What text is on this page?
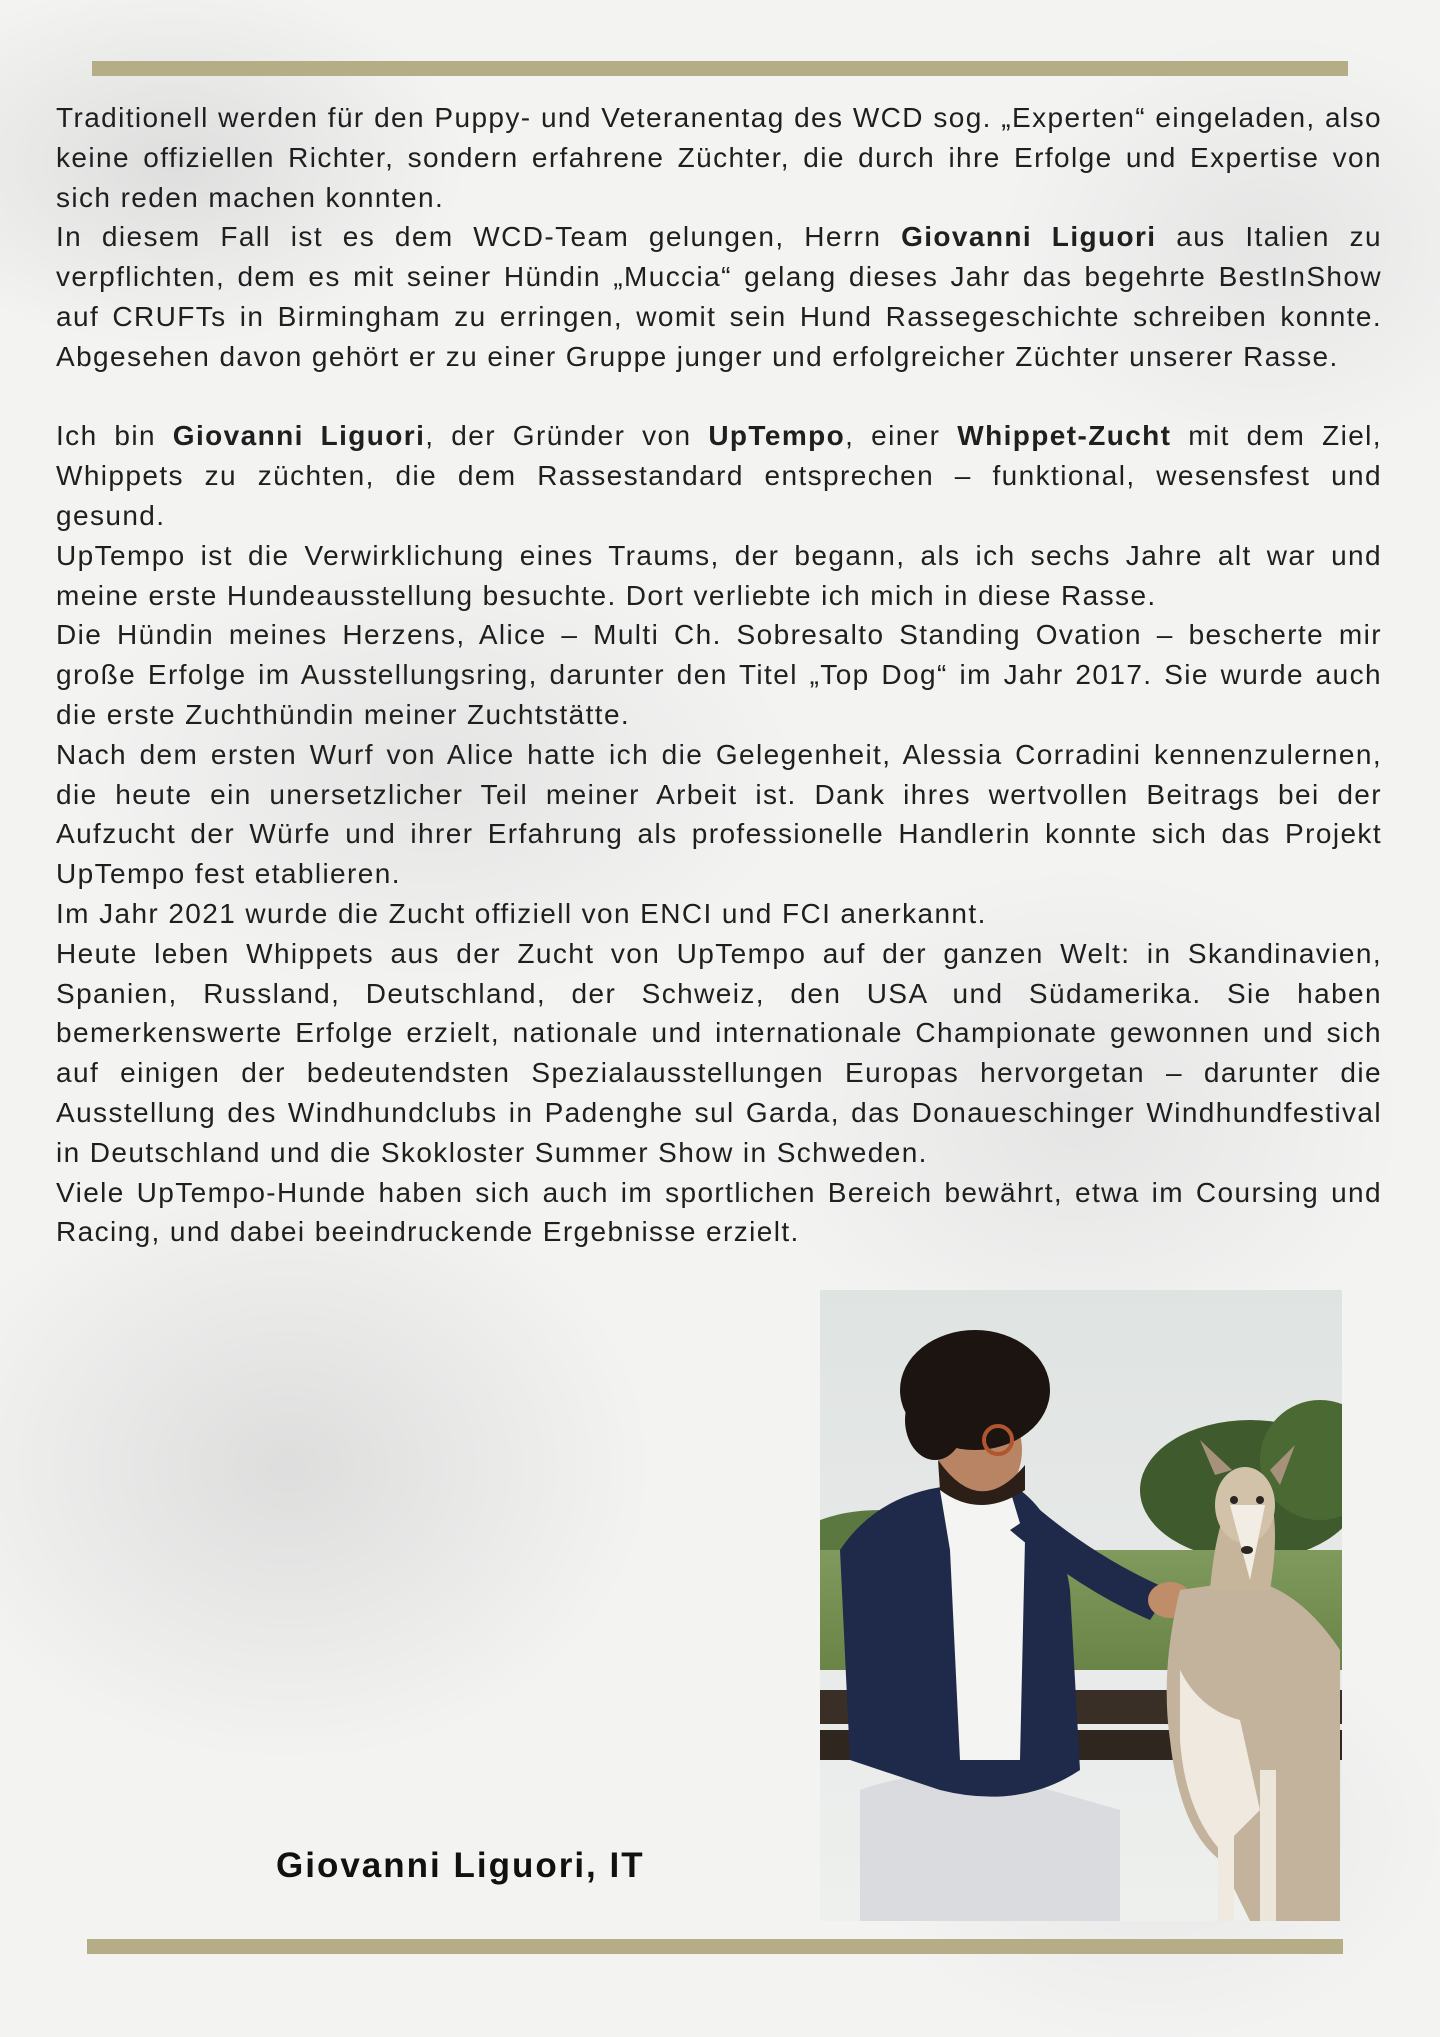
Traditionell werden für den Puppy- und Veteranentag des WCD sog. „Experten“ eingeladen, also keine offiziellen Richter, sondern erfahrene Züchter, die durch ihre Erfolge und Expertise von sich reden machen konnten.

In diesem Fall ist es dem WCD-Team gelungen, Herrn Giovanni Liguori aus Italien zu verpflichten, dem es mit seiner Hündin „Muccia“ gelang dieses Jahr das begehrte BestInShow auf CRUFTs in Birmingham zu erringen, womit sein Hund Rassegeschichte schreiben konnte. Abgesehen davon gehört er zu einer Gruppe junger und erfolgreicher Züchter unserer Rasse.

Ich bin Giovanni Liguori, der Gründer von UpTempo, einer Whippet-Zucht mit dem Ziel, Whippets zu züchten, die dem Rassestandard entsprechen – funktional, wesensfest und gesund.

UpTempo ist die Verwirklichung eines Traums, der begann, als ich sechs Jahre alt war und meine erste Hundeausstellung besuchte. Dort verliebte ich mich in diese Rasse.

Die Hündin meines Herzens, Alice – Multi Ch. Sobresalto Standing Ovation – bescherte mir große Erfolge im Ausstellungsring, darunter den Titel „Top Dog“ im Jahr 2017. Sie wurde auch die erste Zuchthündin meiner Zuchtstätte.

Nach dem ersten Wurf von Alice hatte ich die Gelegenheit, Alessia Corradini kennenzulernen, die heute ein unersetzlicher Teil meiner Arbeit ist. Dank ihres wertvollen Beitrags bei der Aufzucht der Würfe und ihrer Erfahrung als professionelle Handlerin konnte sich das Projekt UpTempo fest etablieren.

Im Jahr 2021 wurde die Zucht offiziell von ENCI und FCI anerkannt.

Heute leben Whippets aus der Zucht von UpTempo auf der ganzen Welt: in Skandinavien, Spanien, Russland, Deutschland, der Schweiz, den USA und Südamerika. Sie haben bemerkenswerte Erfolge erzielt, nationale und internationale Championate gewonnen und sich auf einigen der bedeutendsten Spezialausstellungen Europas hervorgetan – darunter die Ausstellung des Windhundclubs in Padenghe sul Garda, das Donaueschinger Windhundfestival in Deutschland und die Skokloster Summer Show in Schweden.

Viele UpTempo-Hunde haben sich auch im sportlichen Bereich bewährt, etwa im Coursing und Racing, und dabei beeindruckende Ergebnisse erzielt.

Giovanni Liguori, IT
